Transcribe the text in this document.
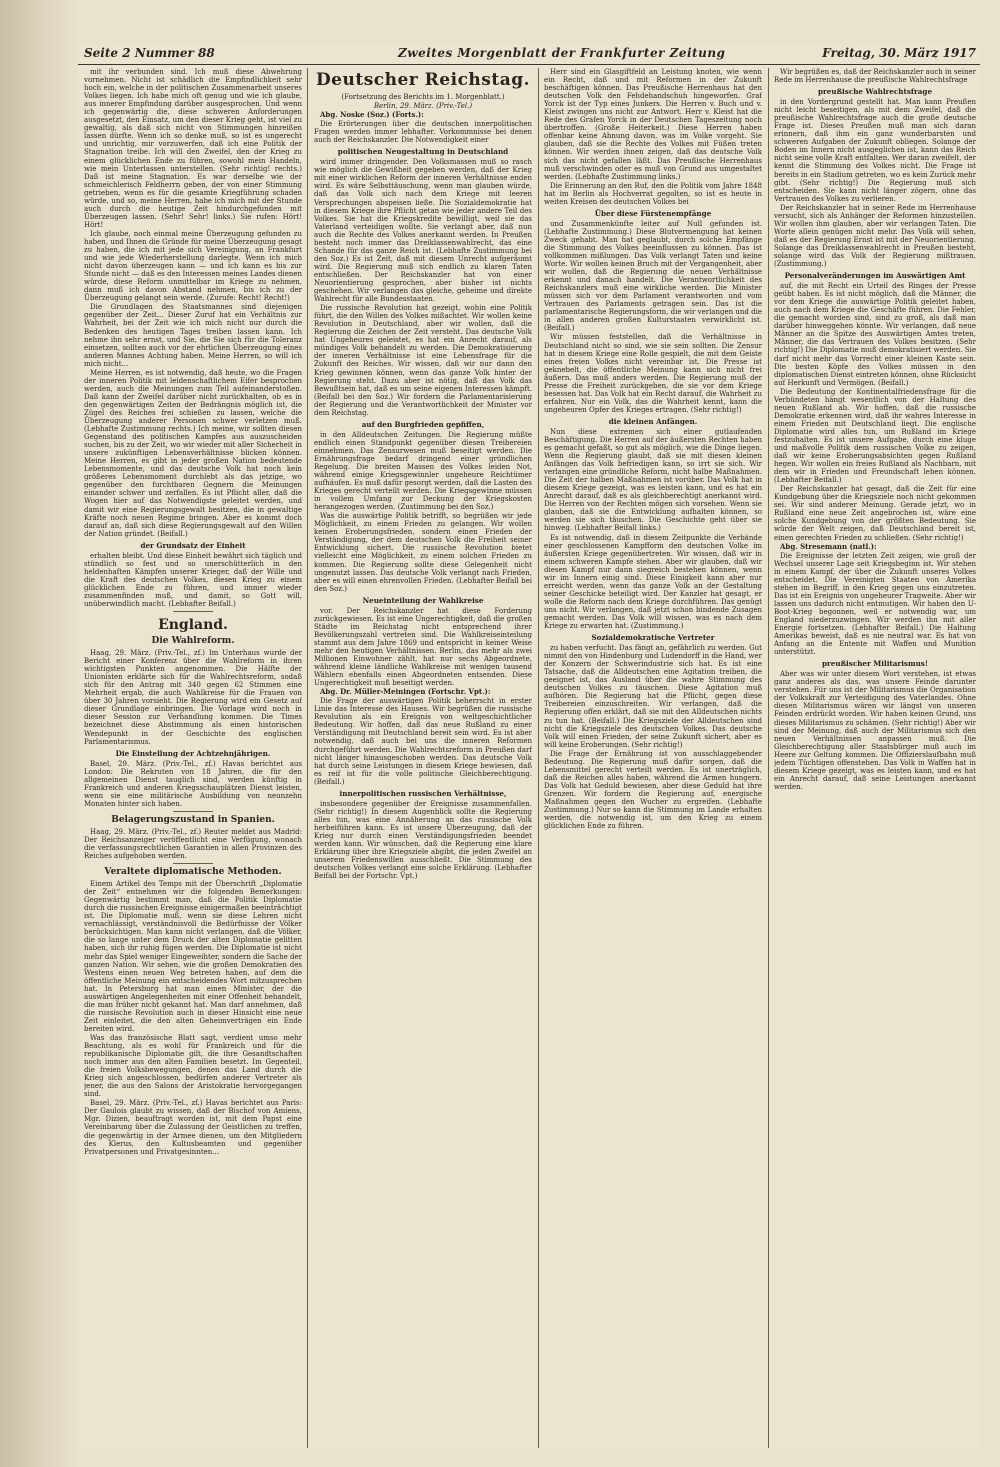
Seite 2 Nummer 88	Zweites Morgenblatt der Frankfurter Zeitung	Freitag, 30. März 1917

mit ihr verbunden sind. Ich muß diese Abwehrung vornehmen. Nicht ist schädlich die Empfindlichkeit sehr hoch ein, welche in der politischen Zusammenarbeit unseres Volkes liegen. Ich habe mich oft genug und wie ich glaube, aus innerer Empfindung darüber ausgesprochen. Und wenn ich gegenwärtig die, diese schweren Anforderungen ausgesetzt, den Einsatz, um den dieser Krieg geht, ist viel zu gewaltig, als daß sich nicht von Stimmungen hinreißen lassen dürfte. Wenn ich so denke muß, so ist es ungerecht und unrichtig, mir vorzuwerfen, daß ich eine Politik der Stagnation treibe. Ich will den Zweifel, den der Krieg zu einem glücklichen Ende zu führen, sowohl mein Handeln, wie mein Unterlassen unterstellen. (Sehr richtig! rechts.) Daß ist meine Stagnation. Es war derselbe wie der schmeichlerisch Feldherrn geben, der von einer Stimmung getrieben, wenn es für die gesamte Kriegführung schaden würde, und so, meine Herren, habe ich mich mit der Stunde auch durch die heutige Zeit hindurchgefunden mit Überzeugen lassen. (Sehr! Sehr! links.) Sie rufen: Hört! Hört!

Ich glaube, noch einmal meine Überzeugung gefunden zu haben, und Ihnen die Gründe für meine Überzeugung gesagt zu haben, die ich mit jede sich Vereinigung, an Frankfurt und wie jede Wiederherstellung darlegte. Wenn ich mich nicht davon überzeugen kann — und ich kann es bis zur Stunde nicht — daß es den Interessen meines Landes dienen würde, diese Reform unmittelbar im Kriege zu nehmen, dann muß ich davon Abstand nehmen, bis ich zu der Überzeugung gelangt sein werde. (Zurufe: Recht! Recht!)

Die Grundlagen des Staatsmannes sind diejenigen gegenüber der Zeit... Dieser Zuruf hat ein Verhältnis zur Wahrheit, bei der Zeit wie ich mich nicht nur durch die Bedenken des heutigen Tages treiben lassen kann. Ich nehme ihn sehr ernst, und Sie, die Sie sich für die Toleranz einsetzen, sollten auch vor der ehrlichen Überzeugung eines anderen Mannes Achtung haben. Meine Herren, so will ich mich nicht...

Meine Herren, es ist notwendig, daß heute, wo die Fragen der inneren Politik mit leidenschaftlichem Eifer besprochen werden, auch die Meinungen zum Teil aufeinanderstoßen. Daß kann der Zweifel darüber nicht zurückhalten, ob es in den gegenwärtigen Zeiten der Bedrängnis möglich ist, die Zügel des Reiches frei schießen zu lassen, welche die Überzeugung anderer Personen schwer verletzen muß. (Lebhafte Zustimmung rechts.) Ich meine, wir sollten diesen Gegenstand des politischen Kampfes aus auszuscheiden suchen, bis zu der Zeit, wo wir wieder mit aller Sicherheit in unsere zukünftigen Lebensverhältnisse blicken können. Meine Herren, es gibt in jeder großen Nation bedeutende Lebensmomente, und das deutsche Volk hat noch kein größeres Lebensmoment durchlebt als das jetzige, wo gegenüber den furchtbaren Gegnern die Meinungen einander schwer und zerfallen. Es ist Pflicht aller, daß die Wogen hier auf das Notwendigste geleitet werden, und damit wir eine Regierungsgewalt besitzen, die in gewaltige Kräfte noch neuen Regime bringen. Aber es kommt doch darauf an, daß sich diese Regierungsgewalt auf den Willen der Nation gründet. (Beifall.)

der Grundsatz der Einheit

erhalten bleibt. Und diese Einheit bewährt sich täglich und stündlich so fest und so unerschütterlich in den heldenhaften Kämpfen unserer Krieger, daß der Wille und die Kraft des deutschen Volkes, diesen Krieg zu einem glücklichen Ende zu führen, und immer wieder zusammenfinden muß, und damit, so Gott will, unüberwindlich macht. (Lebhafter Beifall.)

England.
Die Wahlreform.

Haag, 29. März. (Priv.-Tel., zf.) Im Unterhaus wurde der Bericht einer Konferenz über die Wahlreform in ihren wichtigsten Punkten angenommen. Die Hälfte der Unionisten erklärte sich für die Wahlrechtsreform, sodaß sich für den Antrag mit 340 gegen 62 Stimmen eine Mehrheit ergab, die auch Wahlkreise für die Frauen von über 30 Jahren vorsieht. Die Regierung wird ein Gesetz auf dieser Grundlage einbringen. Die Vorlage wird noch in dieser Session zur Verhandlung kommen. Die Times bezeichnet diese Abstimmung als einen historischen Wendepunkt in der Geschichte des englischen Parlamentarismus.

Die Einstellung der Achtzehnjährigen.

Basel, 29. März. (Priv.-Tel., zf.) Havas berichtet aus London: Die Rekruten von 18 Jahren, die für den allgemeinen Dienst tauglich sind, werden künftig in Frankreich und anderen Kriegsschauplätzen Dienst leisten, wenn sie eine militärische Ausbildung von neunzehn Monaten hinter sich haben.

Belagerungszustand in Spanien.

Haag, 29. März. (Priv.-Tel., zf.) Reuter meldet aus Madrid: Der Reichsanzeiger veröffentlicht eine Verfügung, wonach die verfassungsrechtlichen Garantien in allen Provinzen des Reiches aufgehoben werden.

Veraltete diplomatische Methoden.

Einem Artikel des Temps mit der Überschrift „Diplomatie der Zeit“ entnehmen wir die folgenden Bemerkungen: Gegenwärtig bestimmt man, daß die Politik Diplomatie durch die russischen Ereignisse einigermaßen beeinträchtigt ist. Die Diplomatie muß, wenn sie diese Lehren nicht vernachlässigt, verständnisvoll die Bedürfnisse der Völker berücksichtigen. Man kann nicht verlangen, daß die Völker, die so lange unter dem Druck der alten Diplomatie gelitten haben, sich ihr ruhig fügen werden. Die Diplomatie ist nicht mehr das Spiel weniger Eingeweihter, sondern die Sache der ganzen Nation. Wir sehen, wie die großen Demokratien des Westens einen neuen Weg betreten haben, auf dem die öffentliche Meinung ein entscheidendes Wort mitzusprechen hat. In Petersburg hat man einen Minister, der die auswärtigen Angelegenheiten mit einer Offenheit behandelt, die man früher nicht gekannt hat. Man darf annehmen, daß die russische Revolution auch in dieser Hinsicht eine neue Zeit einleitet, die den alten Geheimverträgen ein Ende bereiten wird.

Was das französische Blatt sagt, verdient umso mehr Beachtung, als es wohl für Frankreich und für die republikanische Diplomatie gilt, die ihre Gesandtschaften noch immer aus den alten Familien besetzt. Im Gegenteil, die freien Volksbewegungen, denen das Land durch die Krieg sich angeschlossen, bedürfen anderer Vertreter als jener, die aus den Salons der Aristokratie hervorgegangen sind.

Basel, 29. März. (Priv.-Tel., zf.) Havas berichtet aus Paris: Der Gaulois glaubt zu wissen, daß der Bischof von Amiens, Mgr. Dizien, beauftragt worden ist, mit dem Papst eine Vereinbarung über die Zulassung der Geistlichen zu treffen, die gegenwärtig in der Armee dienen, um den Mitgliedern des Klerus, den Kultusbeamten und gegenüber Privatpersonen und Privatgesinnten...

Deutscher Reichstag.

(Fortsetzung des Berichts im 1. Morgenblatt.)

Berlin, 29. März. (Priv.-Tel.)

Abg. Noske (Soz.) (Forts.):

Die Erörterungen über die deutschen innerpolitischen Fragen werden immer lebhafter. Vorkommnisse bei denen auch der Reichskanzler. Die Notwendigkeit einer

politischen Neugestaltung in Deutschland

wird immer dringender. Den Volksmassen muß so rasch wie möglich die Gewißheit gegeben werden, daß der Krieg mit einer wirklichen Reform der inneren Verhältnisse enden wird. Es wäre Selbsttäuschung, wenn man glauben würde, daß das Volk sich nach dem Kriege mit leeren Versprechungen abspeisen ließe. Die Sozialdemokratie hat in diesem Kriege ihre Pflicht getan wie jeder andere Teil des Volkes. Sie hat die Kriegskredite bewilligt, weil sie das Vaterland verteidigen wollte. Sie verlangt aber, daß nun auch die Rechte des Volkes anerkannt werden. In Preußen besteht noch immer das Dreiklassenwahlrecht, das eine Schande für das ganze Reich ist. (Lebhafte Zustimmung bei den Soz.) Es ist Zeit, daß mit diesem Unrecht aufgeräumt wird. Die Regierung muß sich endlich zu klaren Taten entschließen. Der Reichskanzler hat von einer Neuorientierung gesprochen, aber bisher ist nichts geschehen. Wir verlangen das gleiche, geheime und direkte Wahlrecht für alle Bundesstaaten.

Die russische Revolution hat gezeigt, wohin eine Politik führt, die den Willen des Volkes mißachtet. Wir wollen keine Revolution in Deutschland, aber wir wollen, daß die Regierung die Zeichen der Zeit versteht. Das deutsche Volk hat Ungeheures geleistet, es hat ein Anrecht darauf, als mündiges Volk behandelt zu werden. Die Demokratisierung der inneren Verhältnisse ist eine Lebensfrage für die Zukunft des Reiches. Wir wissen, daß wir nur dann den Krieg gewinnen können, wenn das ganze Volk hinter der Regierung steht. Dazu aber ist nötig, daß das Volk das Bewußtsein hat, daß es um seine eigenen Interessen kämpft. (Beifall bei den Soz.) Wir fordern die Parlamentarisierung der Regierung und die Verantwortlichkeit der Minister vor dem Reichstag.

auf den Burgfrieden gepfiffen,

in den Alldeutschen Zeitungen. Die Regierung müßte endlich einen Standpunkt gegenüber diesen Treibereien einnehmen. Das Zensurwesen muß beseitigt werden. Die Ernährungsfrage bedarf dringend einer gründlichen Regelung. Die breiten Massen des Volkes leiden Not, während einige Kriegsgewinnler ungeheure Reichtümer aufhäufen. Es muß dafür gesorgt werden, daß die Lasten des Krieges gerecht verteilt werden. Die Kriegsgewinne müssen in vollem Umfang zur Deckung der Kriegskosten herangezogen werden. (Zustimmung bei den Soz.)

Was die auswärtige Politik betrifft, so begrüßen wir jede Möglichkeit, zu einem Frieden zu gelangen. Wir wollen keinen Eroberungsfrieden, sondern einen Frieden der Verständigung, der dem deutschen Volk die Freiheit seiner Entwicklung sichert. Die russische Revolution bietet vielleicht eine Möglichkeit, zu einem solchen Frieden zu kommen. Die Regierung sollte diese Gelegenheit nicht ungenutzt lassen. Das deutsche Volk verlangt nach Frieden, aber es will einen ehrenvollen Frieden. (Lebhafter Beifall bei den Soz.)

Neueinteilung der Wahlkreise

vor. Der Reichskanzler hat diese Forderung zurückgewiesen. Es ist eine Ungerechtigkeit, daß die großen Städte im Reichstag nicht entsprechend ihrer Bevölkerungszahl vertreten sind. Die Wahlkreiseinteilung stammt aus dem Jahre 1869 und entspricht in keiner Weise mehr den heutigen Verhältnissen. Berlin, das mehr als zwei Millionen Einwohner zählt, hat nur sechs Abgeordnete, während kleine ländliche Wahlkreise mit wenigen tausend Wählern ebenfalls einen Abgeordneten entsenden. Diese Ungerechtigkeit muß beseitigt werden.

Abg. Dr. Müller-Meiningen (Fortschr. Vpt.):

Die Frage der auswärtigen Politik beherrscht in erster Linie das Interesse des Hauses. Wir begrüßen die russische Revolution als ein Ereignis von weltgeschichtlicher Bedeutung. Wir hoffen, daß das neue Rußland zu einer Verständigung mit Deutschland bereit sein wird. Es ist aber notwendig, daß auch bei uns die inneren Reformen durchgeführt werden. Die Wahlrechtsreform in Preußen darf nicht länger hinausgeschoben werden. Das deutsche Volk hat durch seine Leistungen in diesem Kriege bewiesen, daß es reif ist für die volle politische Gleichberechtigung. (Beifall.)

innerpolitischen russischen Verhältnisse,

insbesondere gegenüber der Ereignisse zusammenfallen. (Sehr richtig!) In diesem Augenblick sollte die Regierung alles tun, was eine Annäherung an das russische Volk herbeiführen kann. Es ist unsere Überzeugung, daß der Krieg nur durch einen Verständigungsfrieden beendet werden kann. Wir wünschen, daß die Regierung eine klare Erklärung über ihre Kriegsziele abgibt, die jeden Zweifel an unserem Friedenswillen ausschließt. Die Stimmung des deutschen Volkes verlangt eine solche Erklärung. (Lebhafter Beifall bei der Fortschr. Vpt.)

Herr sind ein Glasgiftfeld an Leistung knoten, wie wenn ein Recht, daß und mit Reformen in der Zukunft beschäftigen können. Das Preußische Herrenhaus hat den deutschen Volk den Fehdehandschuh hingeworfen. Graf Yorck ist der Typ eines Junkers. Die Herren v. Buch und v. Kleist zwingen uns nicht zur Antwort. Herr v. Kleist hat die Rede des Grafen Yorck in der Deutschen Tageszeitung noch übertroffen. (Große Heiterkeit.) Diese Herren haben offenbar keine Ahnung davon, was im Volke vorgeht. Sie glauben, daß sie die Rechte des Volkes mit Füßen treten können. Wir werden ihnen zeigen, daß das deutsche Volk sich das nicht gefallen läßt. Das Preußische Herrenhaus muß verschwinden oder es muß von Grund aus umgestaltet werden. (Lebhafte Zustimmung links.)

Die Erinnerung an den Ruf, den die Politik vom Jahre 1848 hat im Berlin als Hochverrat gegolten, so ist es heute in weiten Kreisen des deutschen Volkes bei

Über diese Fürstenempfänge

und Zusammenkünfte leiter auf Null gefunden ist. (Lebhafte Zustimmung.) Diese Blutvermengung hat keinen Zweck gehabt. Man hat geglaubt, durch solche Empfänge die Stimmung des Volkes beeinflussen zu können. Das ist vollkommen mißlungen. Das Volk verlangt Taten und keine Worte. Wir wollen keinen Bruch mit der Vergangenheit, aber wir wollen, daß die Regierung die neuen Verhältnisse erkennt und danach handelt. Die Verantwortlichkeit des Reichskanzlers muß eine wirkliche werden. Die Minister müssen sich vor dem Parlament verantworten und vom Vertrauen des Parlaments getragen sein. Das ist die parlamentarische Regierungsform, die wir verlangen und die in allen anderen großen Kulturstaaten verwirklicht ist. (Beifall.)

Wir müssen feststellen, daß die Verhältnisse in Deutschland nicht so sind, wie sie sein sollten. Die Zensur hat in diesem Kriege eine Rolle gespielt, die mit dem Geiste eines freien Volkes nicht vereinbar ist. Die Presse ist geknebelt, die öffentliche Meinung kann sich nicht frei äußern. Das muß anders werden. Die Regierung muß der Presse die Freiheit zurückgeben, die sie vor dem Kriege besessen hat. Das Volk hat ein Recht darauf, die Wahrheit zu erfahren. Nur ein Volk, das die Wahrheit kennt, kann die ungeheuren Opfer des Krieges ertragen. (Sehr richtig!)

die kleinen Anfängen.

Nun diese extremen sich einer gutlaufenden Beschäftigung. Die Herren auf der äußersten Rechten haben es gemacht gefaßt, so gut als möglich, wie die Dinge liegen. Wenn die Regierung glaubt, daß sie mit diesen kleinen Anfängen das Volk befriedigen kann, so irrt sie sich. Wir verlangen eine gründliche Reform, nicht halbe Maßnahmen. Die Zeit der halben Maßnahmen ist vorüber. Das Volk hat in diesem Kriege gezeigt, was es leisten kann, und es hat ein Anrecht darauf, daß es als gleichberechtigt anerkannt wird. Die Herren von der Rechten mögen sich vorsehen. Wenn sie glauben, daß sie die Entwicklung aufhalten können, so werden sie sich täuschen. Die Geschichte geht über sie hinweg. (Lebhafter Beifall links.)

Es ist notwendig, daß in diesem Zeitpunkte die Verbände einer geschlossenen Kampfform den deutschen Volke im äußersten Kriege gegenübertreten. Wir wissen, daß wir in einem schweren Kampfe stehen. Aber wir glauben, daß wir diesen Kampf nur dann siegreich bestehen können, wenn wir im Innern einig sind. Diese Einigkeit kann aber nur erreicht werden, wenn das ganze Volk an der Gestaltung seiner Geschicke beteiligt wird. Der Kanzler hat gesagt, er wolle die Reform nach dem Kriege durchführen. Das genügt uns nicht. Wir verlangen, daß jetzt schon bindende Zusagen gemacht werden. Das Volk will wissen, was es nach dem Kriege zu erwarten hat. (Zustimmung.)

Sozialdemokratische Vertreter

zu haben verfucht. Das fängt an, gefährlich zu werden. Gut nimmt den von Hindenburg und Ludendorff in die Hand, wer der Konzern der Schwerindustrie sich hat. Es ist eine Tatsache, daß die Alldeutschen eine Agitation treiben, die geeignet ist, das Ausland über die wahre Stimmung des deutschen Volkes zu täuschen. Diese Agitation muß aufhören. Die Regierung hat die Pflicht, gegen diese Treibereien einzuschreiten. Wir verlangen, daß die Regierung offen erklärt, daß sie mit den Alldeutschen nichts zu tun hat. (Beifall.) Die Kriegsziele der Alldeutschen sind nicht die Kriegsziele des deutschen Volkes. Das deutsche Volk will einen Frieden, der seine Zukunft sichert, aber es will keine Eroberungen. (Sehr richtig!)

Die Frage der Ernährung ist von ausschlaggebender Bedeutung. Die Regierung muß dafür sorgen, daß die Lebensmittel gerecht verteilt werden. Es ist unerträglich, daß die Reichen alles haben, während die Armen hungern. Das Volk hat Geduld bewiesen, aber diese Geduld hat ihre Grenzen. Wir fordern die Regierung auf, energische Maßnahmen gegen den Wucher zu ergreifen. (Lebhafte Zustimmung.) Nur so kann die Stimmung im Lande erhalten werden, die notwendig ist, um den Krieg zu einem glücklichen Ende zu führen.

Wir begrüßen es, daß der Reichskanzler auch in seiner Rede im Herrenhause die preußische Wahlrechtsfrage

preußische Wahlrechtsfrage

in den Vordergrund gestellt hat. Man kann Preußen nicht leicht beseitigen, als mit dem Zweifel, daß die preußische Wahlrechtsfrage auch die große deutsche Frage ist. Dieses Preußen muß man sich daran erinnern, daß ihm ein ganz wunderbarsten und schweren Aufgaben der Zukunft obliegen. Solange der Boden im Innern nicht ausgeglichen ist, kann das Reich nicht seine volle Kraft entfalten. Wer daran zweifelt, der kennt die Stimmung des Volkes nicht. Die Frage ist bereits in ein Stadium getreten, wo es kein Zurück mehr gibt. (Sehr richtig!) Die Regierung muß sich entscheiden. Sie kann nicht länger zögern, ohne das Vertrauen des Volkes zu verlieren.

Der Reichskanzler hat in seiner Rede im Herrenhause versucht, sich als Anhänger der Reformen hinzustellen. Wir wollen ihm glauben, aber wir verlangen Taten. Die Worte allein genügen nicht mehr. Das Volk will sehen, daß es der Regierung Ernst ist mit der Neuorientierung. Solange das Dreiklassenwahlrecht in Preußen besteht, solange wird das Volk der Regierung mißtrauen. (Zustimmung.)

Personalveränderungen im Auswärtigen Amt

auf, die mit Recht ein Urteil des Ringes der Presse geübt haben. Es ist nicht möglich, daß die Männer, die vor dem Kriege die auswärtige Politik geleitet haben, auch nach dem Kriege die Geschäfte führen. Die Fehler, die gemacht worden sind, sind zu groß, als daß man darüber hinweggehen könnte. Wir verlangen, daß neue Männer an die Spitze des Auswärtigen Amtes treten, Männer, die das Vertrauen des Volkes besitzen. (Sehr richtig!) Die Diplomatie muß demokratisiert werden. Sie darf nicht mehr das Vorrecht einer kleinen Kaste sein. Die besten Köpfe des Volkes müssen in den diplomatischen Dienst eintreten können, ohne Rücksicht auf Herkunft und Vermögen. (Beifall.)

Die Bedeutung der Kontinentalfriedensfrage für die Verbündeten hängt wesentlich von der Haltung des neuen Rußland ab. Wir hoffen, daß die russische Demokratie erkennen wird, daß ihr wahres Interesse in einem Frieden mit Deutschland liegt. Die englische Diplomatie wird alles tun, um Rußland im Kriege festzuhalten. Es ist unsere Aufgabe, durch eine kluge und maßvolle Politik dem russischen Volke zu zeigen, daß wir keine Eroberungsabsichten gegen Rußland hegen. Wir wollen ein freies Rußland als Nachbarn, mit dem wir in Frieden und Freundschaft leben können. (Lebhafter Beifall.)

Der Reichskanzler hat gesagt, daß die Zeit für eine Kundgebung über die Kriegsziele noch nicht gekommen sei. Wir sind anderer Meinung. Gerade jetzt, wo in Rußland eine neue Zeit angebrochen ist, wäre eine solche Kundgebung von der größten Bedeutung. Sie würde der Welt zeigen, daß Deutschland bereit ist, einen gerechten Frieden zu schließen. (Sehr richtig!)

Abg. Stresemann (natl.):

Die Ereignisse der letzten Zeit zeigen, wie groß der Wechsel unserer Lage seit Kriegsbeginn ist. Wir stehen in einem Kampf, der über die Zukunft unseres Volkes entscheidet. Die Vereinigten Staaten von Amerika stehen im Begriff, in den Krieg gegen uns einzutreten. Das ist ein Ereignis von ungeheurer Tragweite. Aber wir lassen uns dadurch nicht entmutigen. Wir haben den U-Boot-Krieg begonnen, weil er notwendig war, um England niederzuzwingen. Wir werden ihn mit aller Energie fortsetzen. (Lebhafter Beifall.) Die Haltung Amerikas beweist, daß es nie neutral war. Es hat von Anfang an die Entente mit Waffen und Munition unterstützt.

preußischer Militarismus!

Aber was wir unter diesem Wort verstehen, ist etwas ganz anderes als das, was unsere Feinde darunter verstehen. Für uns ist der Militarismus die Organisation der Volkskraft zur Verteidigung des Vaterlandes. Ohne diesen Militarismus wären wir längst von unseren Feinden erdrückt worden. Wir haben keinen Grund, uns dieses Militarismus zu schämen. (Sehr richtig!) Aber wir sind der Meinung, daß auch der Militarismus sich den neuen Verhältnissen anpassen muß. Die Gleichberechtigung aller Staatsbürger muß auch im Heere zur Geltung kommen. Die Offizierslaufbahn muß jedem Tüchtigen offenstehen. Das Volk in Waffen hat in diesem Kriege gezeigt, was es leisten kann, und es hat ein Anrecht darauf, daß seine Leistungen anerkannt werden.
